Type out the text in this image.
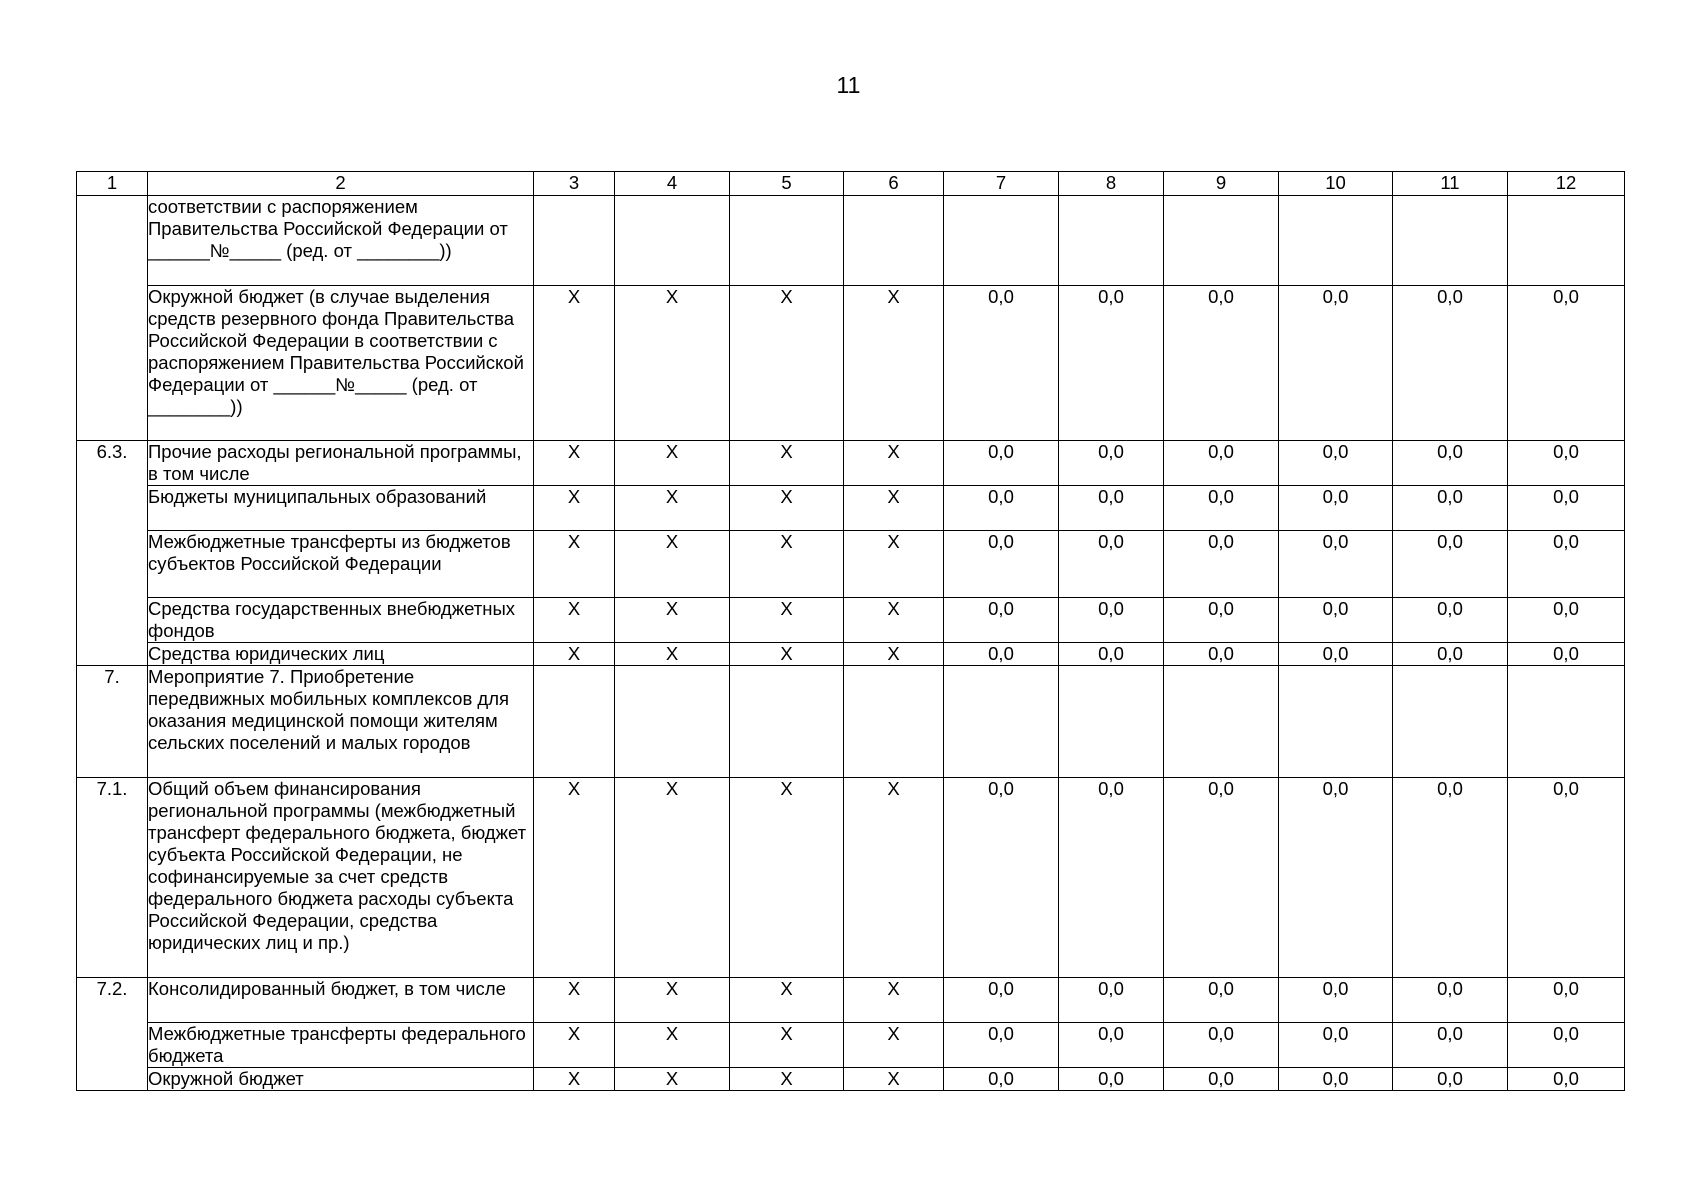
11
1	2	3	4	5	6	7	8	9	10	11	12
	соответствии с распоряжением Правительства Российской Федерации от ______№_____ (ред. от ________))										
	Окружной бюджет (в случае выделения средств резервного фонда Правительства Российской Федерации в соответствии с распоряжением Правительства Российской Федерации от ______№_____ (ред. от ________))	X	X	X	X	0,0	0,0	0,0	0,0	0,0	0,0
6.3.	Прочие расходы региональной программы, в том числе	X	X	X	X	0,0	0,0	0,0	0,0	0,0	0,0
	Бюджеты муниципальных образований	X	X	X	X	0,0	0,0	0,0	0,0	0,0	0,0
	Межбюджетные трансферты из бюджетов субъектов Российской Федерации	X	X	X	X	0,0	0,0	0,0	0,0	0,0	0,0
	Средства государственных внебюджетных фондов	X	X	X	X	0,0	0,0	0,0	0,0	0,0	0,0
	Средства юридических лиц	X	X	X	X	0,0	0,0	0,0	0,0	0,0	0,0
7.	Мероприятие 7. Приобретение передвижных мобильных комплексов для оказания медицинской помощи жителям сельских поселений и малых городов										
7.1.	Общий объем финансирования региональной программы (межбюджетный трансферт федерального бюджета, бюджет субъекта Российской Федерации, не софинансируемые за счет средств федерального бюджета расходы субъекта Российской Федерации, средства юридических лиц и пр.)	X	X	X	X	0,0	0,0	0,0	0,0	0,0	0,0
7.2.	Консолидированный бюджет, в том числе	X	X	X	X	0,0	0,0	0,0	0,0	0,0	0,0
	Межбюджетные трансферты федерального бюджета	X	X	X	X	0,0	0,0	0,0	0,0	0,0	0,0
	Окружной бюджет	X	X	X	X	0,0	0,0	0,0	0,0	0,0	0,0
